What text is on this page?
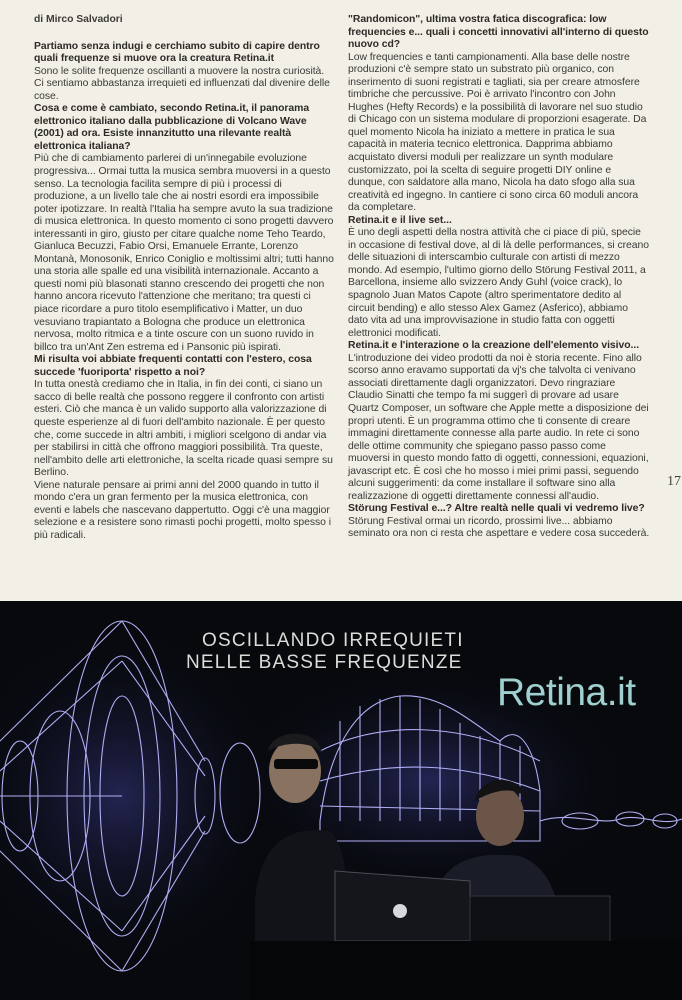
di Mirco Salvadori

Partiamo senza indugi e cerchiamo subito di capire dentro quali frequenze si muove ora la creatura Retina.it

Sono le solite frequenze oscillanti a muovere la nostra curiosità. Ci sentiamo abbastanza irrequieti ed influenzati dal divenire delle cose.

Cosa e come è cambiato, secondo Retina.it, il panorama elettronico italiano dalla pubblicazione di Volcano Wave (2001) ad ora. Esiste innanzitutto una rilevante realtà elettronica italiana?

Più che di cambiamento parlerei di un'innegabile evoluzione progressiva... Ormai tutta la musica sembra muoversi in a questo senso. La tecnologia facilita sempre di più i processi di produzione, a un livello tale che ai nostri esordi era impossibile poter ipotizzare. In realtà l'Italia ha sempre avuto la sua tradizione di musica elettronica. In questo momento ci sono progetti davvero interessanti in giro, giusto per citare qualche nome Teho Teardo, Gianluca Becuzzi, Fabio Orsi, Emanuele Errante, Lorenzo Montanà, Monosonik, Enrico Coniglio e moltissimi altri; tutti hanno una storia alle spalle ed una visibilità internazionale. Accanto a questi nomi più blasonati stanno crescendo dei progetti che non hanno ancora ricevuto l'attenzione che meritano; tra questi ci piace ricordare a puro titolo esemplificativo i Matter, un duo vesuviano trapiantato a Bologna che produce un elettronica nervosa, molto ritmica e a tinte oscure con un suono ruvido in billco tra un'Ant Zen estrema ed i Pansonic più ispirati.

Mi risulta voi abbiate frequenti contatti con l'estero, cosa succede 'fuoriporta' rispetto a noi?

In tutta onestà crediamo che in Italia, in fin dei conti, ci siano un sacco di belle realtà che possono reggere il confronto con artisti esteri. Ciò che manca è un valido supporto alla valorizzazione di queste esperienze al di fuori dell'ambito nazionale. È per questo che, come succede in altri ambiti, i migliori scelgono di andar via per stabilirsi in città che offrono maggiori possibilità. Tra queste, nell'ambito delle arti elettroniche, la scelta ricade quasi sempre su Berlino.

Viene naturale pensare ai primi anni del 2000 quando in tutto il mondo c'era un gran fermento per la musica elettronica, con eventi e labels che nascevano dappertutto. Oggi c'è una maggior selezione e a resistere sono rimasti pochi progetti, molto spesso i più radicali.

"Randomicon", ultima vostra fatica discografica: low frequencies e... quali i concetti innovativi all'interno di questo nuovo cd?

Low frequencies e tanti campionamenti. Alla base delle nostre produzioni c'è sempre stato un substrato più organico, con inserimento di suoni registrati e tagliati, sia per creare atmosfere timbriche che percussive. Poi è arrivato l'incontro con John Hughes (Hefty Records) e la possibilità di lavorare nel suo studio di Chicago con un sistema modulare di proporzioni esagerate. Da quel momento Nicola ha iniziato a mettere in pratica le sua capacità in materia tecnico elettronica. Dapprima abbiamo acquistato diversi moduli per realizzare un synth modulare customizzato, poi la scelta di seguire progetti DIY online e dunque, con saldatore alla mano, Nicola ha dato sfogo alla sua creatività ed ingegno. In cantiere ci sono circa 60 moduli ancora da completare.

Retina.it e il live set...

È uno degli aspetti della nostra attività che ci piace di più, specie in occasione di festival dove, al di là delle performances, si creano delle situazioni di interscambio culturale con artisti di mezzo mondo. Ad esempio, l'ultimo giorno dello Störung Festival 2011, a Barcellona, insieme allo svizzero Andy Guhl (voice crack), lo spagnolo Juan Matos Capote (altro sperimentatore dedito al circuit bending) e allo stesso Alex Gamez (Asferico), abbiamo dato vita ad una improvvisazione in studio fatta con oggetti elettronici modificati.

Retina.it e l'interazione o la creazione dell'elemento visivo...

L'introduzione dei video prodotti da noi è storia recente. Fino allo scorso anno eravamo supportati da vj's che talvolta ci venivano associati direttamente dagli organizzatori. Devo ringraziare Claudio Sinatti che tempo fa mi suggerì di provare ad usare Quartz Composer, un software che Apple mette a disposizione dei propri utenti. È un programma ottimo che ti consente di creare immagini direttamente connesse alla parte audio. In rete ci sono delle ottime community che spiegano passo passo come muoversi in questo mondo fatto di oggetti, connessioni, equazioni, javascript etc. È così che ho mosso i miei primi passi, seguendo alcuni suggerimenti: da come installare il software sino alla realizzazione di oggetti direttamente connessi all'audio.

Störung Festival e...? Altre realtà nelle quali vi vedremo live?

Störung Festival ormai un ricordo, prossimi live... abbiamo seminato ora non ci resta che aspettare e vedere cosa succederà.

17
OSCILLANDO IRREQUIETI
NELLE BASSE FREQUENZE
Retina.it
